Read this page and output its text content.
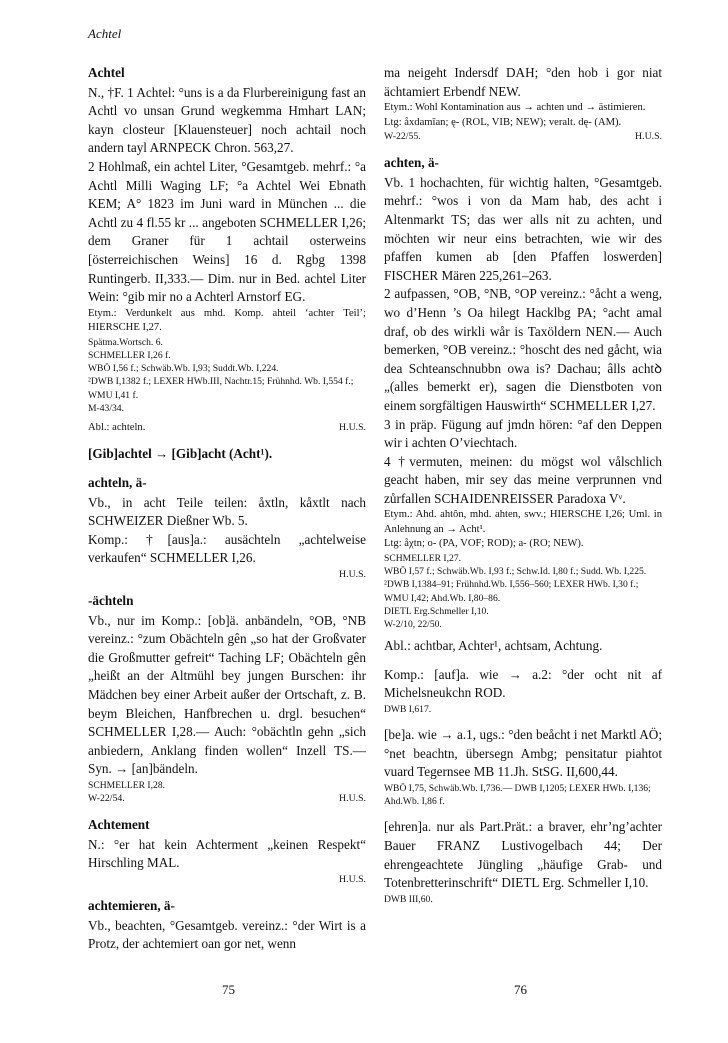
Achtel
Achtel
N., †F. 1 Achtel: °uns is a da Flurbereinigung fast an Achtl vo unsan Grund wegkemma Hmhart LAN; kayn closteur [Klauensteuer] noch achtail noch andern tayl ARNPECK Chron. 563,27.
2 Hohlmaß, ein achtel Liter, °Gesamtgeb. mehrf.: °a Achtl Milli Waging LF; °a Achtel Wei Ebnath KEM; A° 1823 im Juni ward in München ... die Achtl zu 4 fl.55 kr ... angeboten SCHMELLER I,26; dem Graner für 1 achtail osterweins [österreichischen Weins] 16 d. Rgbg 1398 Runtingerb. II,333.— Dim. nur in Bed. achtel Liter Wein: °gib mir no a Achterl Arnstorf EG.
Etym.: Verdunkelt aus mhd. Komp. ahteil ‘achter Teil’; HIERSCHE I,27.
Spätma.Wortsch. 6.
SCHMELLER I,26 f.
WBÖ I,56 f.; Schwäb.Wb. I,93; Suddt.Wb. I,224.
²DWB I,1382 f.; LEXER HWb.III, Nachtr.15; Frühnhd. Wb. I,554 f.; WMU I,41 f.
M-43/34.
Abl.: achteln.	H.U.S.
[Gib]achtel → [Gib]acht (Acht¹).
achteln, ä-
Vb., in acht Teile teilen: åxtln, kåxtlt nach SCHWEIZER Dießner Wb. 5.
Komp.: †[aus]a.: ausächteln „achtelweise verkaufen“ SCHMELLER I,26.
H.U.S.
-ächteln
Vb., nur im Komp.: [ob]ä. anbändeln, °OB, °NB vereinz.: °zum Obächteln gên „so hat der Großvater die Großmutter gefreit“ Taching LF; Obächteln gên „heißt an der Altmühl bey jungen Burschen: ihr Mädchen bey einer Arbeit außer der Ortschaft, z. B. beym Bleichen, Hanfbrechen u. drgl. besuchen“ SCHMELLER I,28.— Auch: °obächtln gehn „sich anbiedern, Anklang finden wollen“ Inzell TS.— Syn. → [an]bändeln.
SCHMELLER I,28.
W-22/54.	H.U.S.
Achtement
N.: °er hat kein Achterment „keinen Respekt“ Hirschling MAL.
H.U.S.
achtemieren, ä-
Vb., beachten, °Gesamtgeb. vereinz.: °der Wirt is a Protz, der achtemiert oan gor net, wenn
ma neigeht Indersdf DAH; °den hob i gor niat ächtamiert Erbendf NEW.
Etym.: Wohl Kontamination aus → achten und → ästimieren.
Ltg: åxdamīan; ę- (ROL, VIB; NEW); veralt. dę- (AM).
W-22/55.	H.U.S.
achten, ä-
Vb. 1 hochachten, für wichtig halten, °Gesamtgeb. mehrf.: °wos i von da Mam hab, des acht i Altenmarkt TS; das wer alls nit zu achten, und möchten wir neur eins betrachten, wie wir des pfaffen kumen ab [den Pfaffen loswerden] FISCHER Mären 225,261–263.
2 aufpassen, °OB, °NB, °OP vereinz.: °åcht a weng, wo d’Henn ’s Oa hilegt Hacklbg PA; °acht amal draf, ob des wirkli wår is Taxöldern NEN.— Auch bemerken, °OB vereinz.: °hoscht des ned gåcht, wia dea Schteanschnubbn owa is? Dachau; âlls achtꝺ „(alles bemerkt er), sagen die Dienstboten von einem sorgfältigen Hauswirth“ SCHMELLER I,27.
3 in präp. Fügung auf jmdn hören: °af den Deppen wir i achten O’viechtach.
4 †vermuten, meinen: du mögst wol vålschlich geacht haben, mir sey das meine verprunnen vnd zůrfallen SCHAIDENREISSER Paradoxa Vᵛ.
Etym.: Ahd. ahtôn, mhd. ahten, swv.; HIERSCHE I,26; Uml. in Anlehnung an → Acht¹.
Ltg: åχtn; o- (PA, VOF; ROD); a- (RO; NEW).
SCHMELLER I,27.
WBÖ I,57 f.; Schwäb.Wb. I,93 f.; Schw.Id. I,80 f.; Sudd. Wb. I,225.
²DWB I,1384–91; Frühnhd.Wb. I,556–560; LEXER HWb. I,30 f.; WMU I,42; Ahd.Wb. I,80–86.
DIETL Erg.Schmeller I,10.
W-2/10, 22/50.
Abl.: achtbar, Achter¹, achtsam, Achtung.
Komp.: [auf]a. wie → a.2: °der ocht nit af Michelsneukchn ROD.
DWB I,617.
[be]a. wie → a.1, ugs.: °den beåcht i net Marktl AÖ; °net beachtn, übersegn Ambg; pensitatur piahtot vuard Tegernsee MB 11.Jh. StSG. II,600,44.
WBÖ I,75, Schwäb.Wb. I,736.— DWB I,1205; LEXER HWb. I,136; Ahd.Wb. I,86 f.
[ehren]a. nur als Part.Prät.: a braver, ehr’ng’achter Bauer FRANZ Lustivogelbach 44; Der ehrengeachtete Jüngling „häufige Grab- und Totenbretterinschrift“ DIETL Erg. Schmeller I,10.
DWB III,60.
75	76
